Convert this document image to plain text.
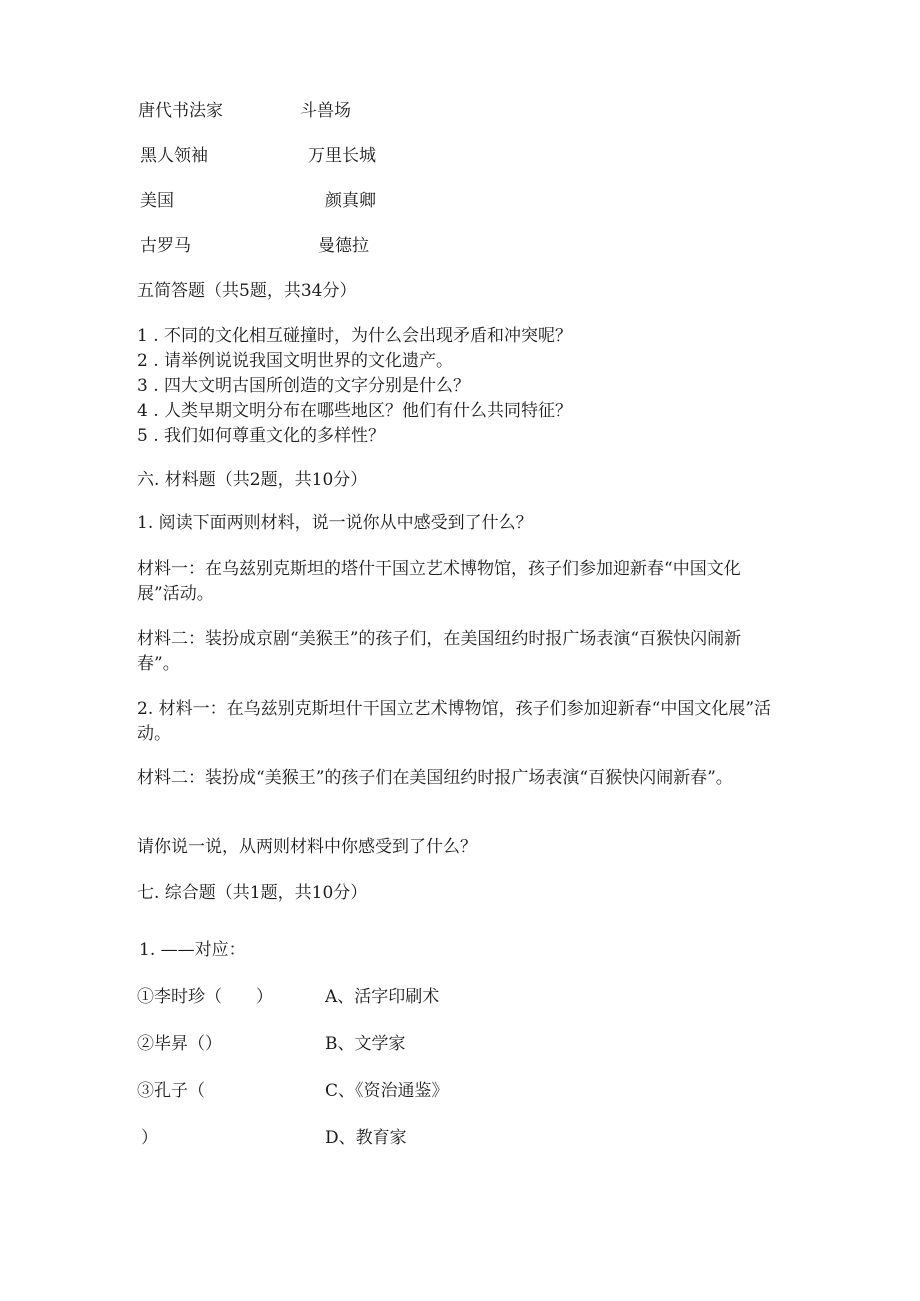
唐代书法家	斗兽场
黑人领袖	万里长城
美国	颜真卿
古罗马	曼德拉
五简答题（共5题，共34分）
1 . 不同的文化相互碰撞时，为什么会出现矛盾和冲突呢？
2 . 请举例说说我国文明世界的文化遗产。
3 . 四大文明古国所创造的文字分别是什么？
4 . 人类早期文明分布在哪些地区？他们有什么共同特征？
5 . 我们如何尊重文化的多样性？
六. 材料题（共2题，共10分）
1. 阅读下面两则材料，说一说你从中感受到了什么？
材料一：在乌兹别克斯坦的塔什干国立艺术博物馆，孩子们参加迎新春“中国文化展”活动。
材料二：装扮成京剧“美猴王”的孩子们，在美国纽约时报广场表演“百猴快闪闹新春”。
2. 材料一：在乌兹别克斯坦什干国立艺术博物馆，孩子们参加迎新春“中国文化展”活动。
材料二：装扮成“美猴王”的孩子们在美国纽约时报广场表演“百猴快闪闹新春”。
请你说一说，从两则材料中你感受到了什么？
七. 综合题（共1题，共10分）
1. ——对应：
①李时珍（　　）	A、活字印刷术
②毕昇（）	B、文学家
③孔子（	C、《资治通鉴》
）	D、教育家
